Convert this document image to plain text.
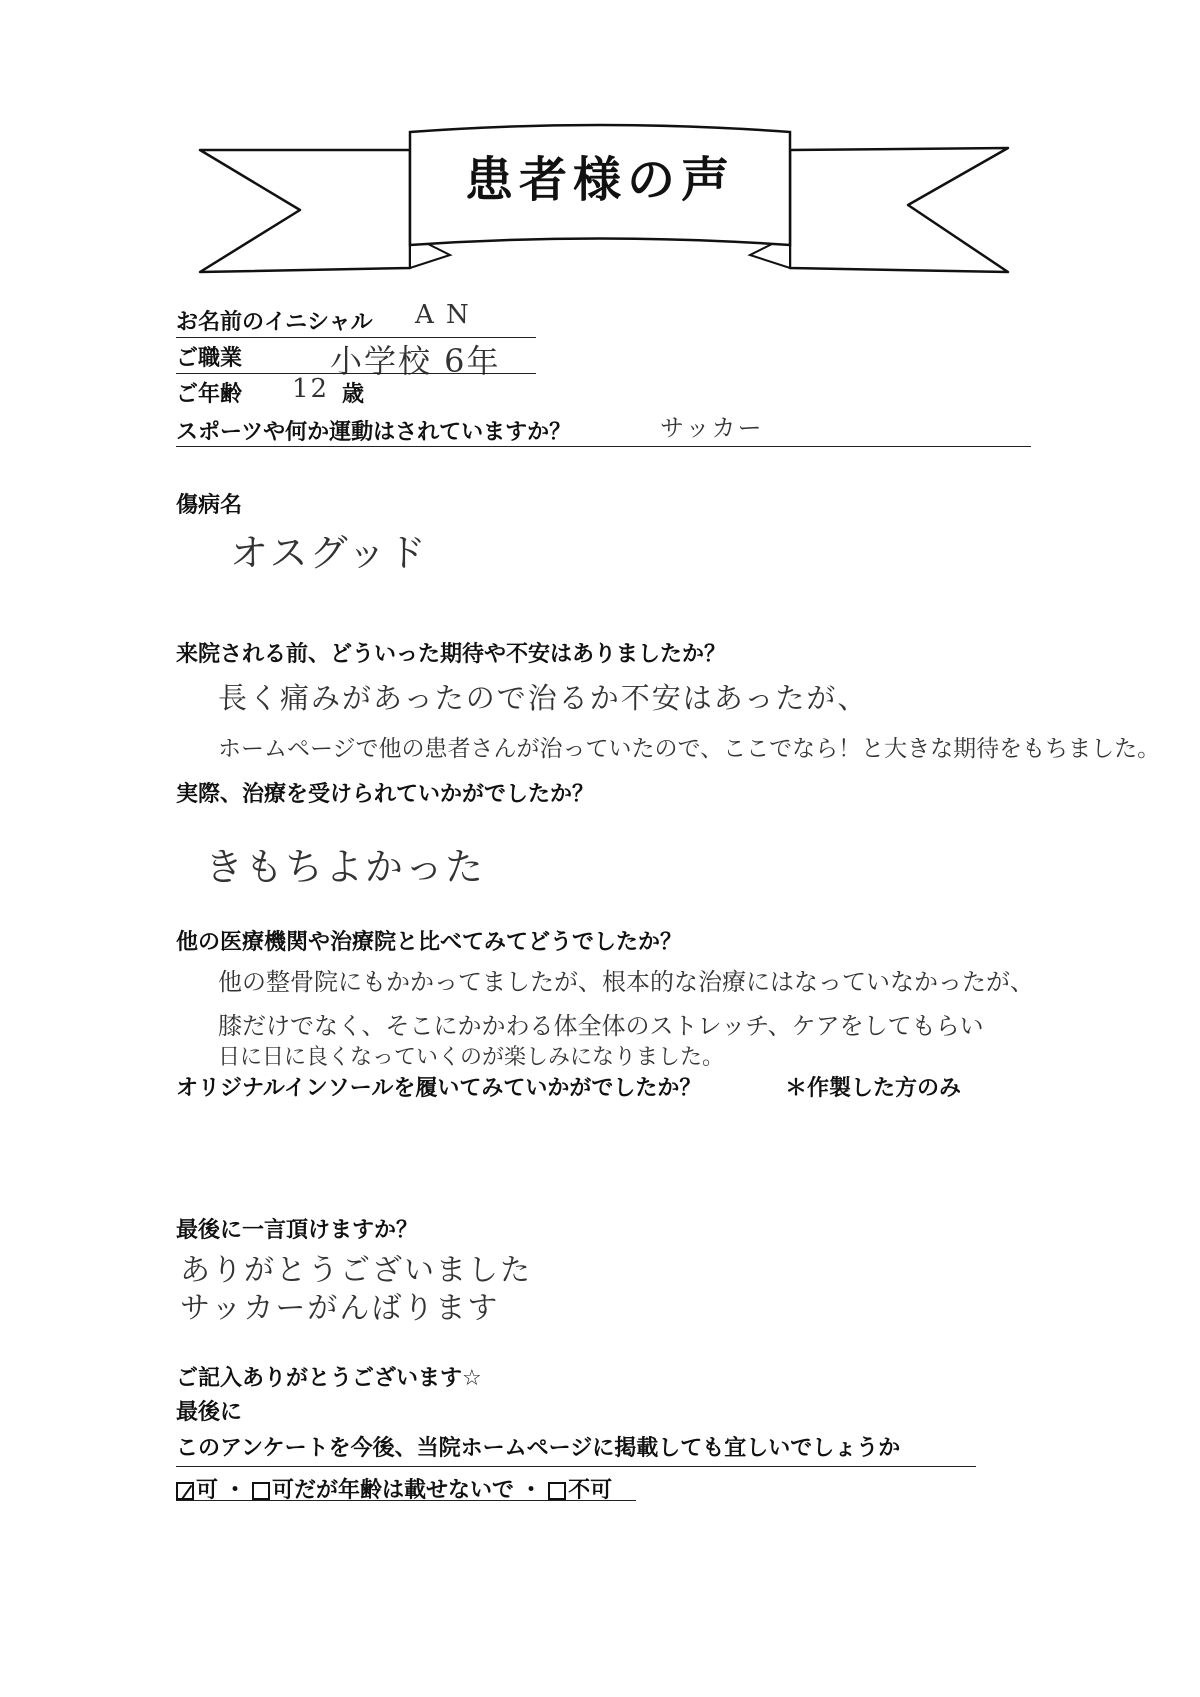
患者様の声
お名前のイニシャル A N
ご職業	小学校 6年
ご年齢 12 歳
スポーツや何か運動はされていますか？	サッカー
傷病名
オスグッド
来院される前、どういった期待や不安はありましたか？
長く痛みがあったので治るか不安はあったが、
ホームページで他の患者さんが治っていたので、ここでなら！と大きな期待をもちました。
実際、治療を受けられていかがでしたか？
きもちよかった
他の医療機関や治療院と比べてみてどうでしたか？
他の整骨院にもかかってましたが、根本的な治療にはなっていなかったが、
膝だけでなく、そこにかかわる体全体のストレッチ、ケアをしてもらい
日に日に良くなっていくのが楽しみになりました。
オリジナルインソールを履いてみていかがでしたか？	＊作製した方のみ
最後に一言頂けますか？
ありがとうございました
サッカーがんばります
ご記入ありがとうございます☆
最後に
このアンケートを今後、当院ホームページに掲載しても宜しいでしょうか
可 ・ 可だが年齢は載せないで ・ 不可
